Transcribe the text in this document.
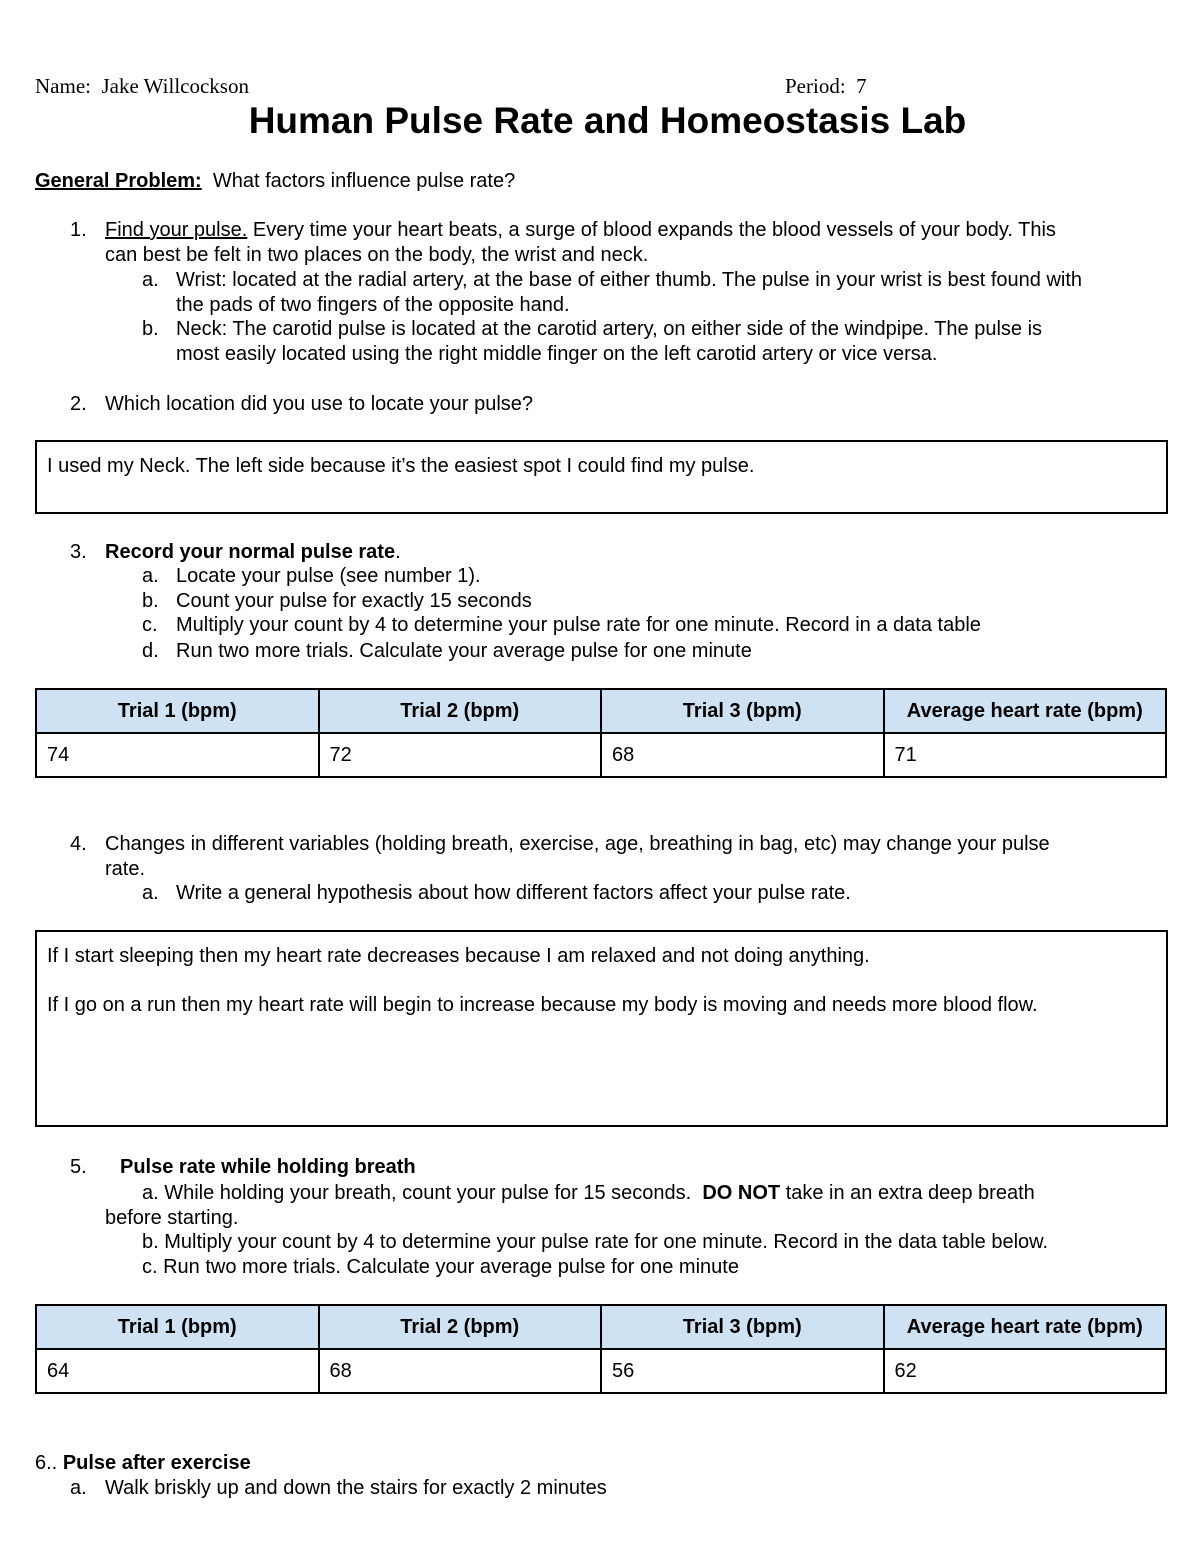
Name: Jake Willcockson	Period: 7
Human Pulse Rate and Homeostasis Lab
General Problem: What factors influence pulse rate?
1. Find your pulse. Every time your heart beats, a surge of blood expands the blood vessels of your body. This
can best be felt in two places on the body, the wrist and neck.
a. Wrist: located at the radial artery, at the base of either thumb. The pulse in your wrist is best found with
the pads of two fingers of the opposite hand.
b. Neck: The carotid pulse is located at the carotid artery, on either side of the windpipe. The pulse is
most easily located using the right middle finger on the left carotid artery or vice versa.
2. Which location did you use to locate your pulse?

I used my Neck. The left side because it’s the easiest spot I could find my pulse.

3. Record your normal pulse rate.
a. Locate your pulse (see number 1).
b. Count your pulse for exactly 15 seconds
c. Multiply your count by 4 to determine your pulse rate for one minute. Record in a data table
d. Run two more trials. Calculate your average pulse for one minute
Trial 1 (bpm)	Trial 2 (bpm)	Trial 3 (bpm)	Average heart rate (bpm)
74	72	68	71
4. Changes in different variables (holding breath, exercise, age, breathing in bag, etc) may change your pulse
rate.
a. Write a general hypothesis about how different factors affect your pulse rate.

If I start sleeping then my heart rate decreases because I am relaxed and not doing anything.

If I go on a run then my heart rate will begin to increase because my body is moving and needs more blood flow.

5. Pulse rate while holding breath
a. While holding your breath, count your pulse for 15 seconds. DO NOT take in an extra deep breath
before starting.
b. Multiply your count by 4 to determine your pulse rate for one minute. Record in the data table below.
c. Run two more trials. Calculate your average pulse for one minute
Trial 1 (bpm)	Trial 2 (bpm)	Trial 3 (bpm)	Average heart rate (bpm)
64	68	56	62
6.. Pulse after exercise
a. Walk briskly up and down the stairs for exactly 2 minutes
